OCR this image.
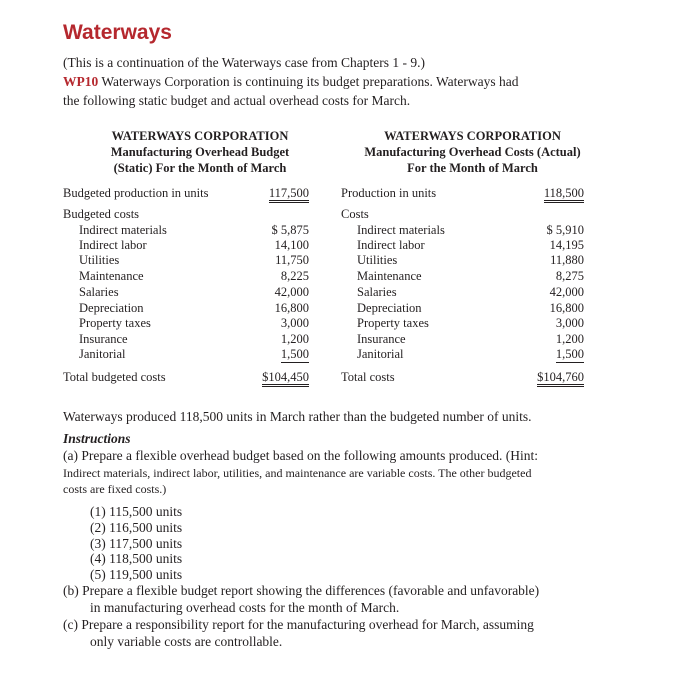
Waterways
(This is a continuation of the Waterways case from Chapters 1 - 9.)
WP10 Waterways Corporation is continuing its budget preparations. Waterways had
the following static budget and actual overhead costs for March.
WATERWAYS CORPORATION
Manufacturing Overhead Budget
(Static) For the Month of March
WATERWAYS CORPORATION
Manufacturing Overhead Costs (Actual)
For the Month of March
Budgeted production in units	117,500
Budgeted costs
Indirect materials	$ 5,875
Indirect labor	14,100
Utilities	11,750
Maintenance	8,225
Salaries	42,000
Depreciation	16,800
Property taxes	3,000
Insurance	1,200
Janitorial	1,500
Total budgeted costs	$104,450
Production in units	118,500
Costs
Indirect materials	$ 5,910
Indirect labor	14,195
Utilities	11,880
Maintenance	8,275
Salaries	42,000
Depreciation	16,800
Property taxes	3,000
Insurance	1,200
Janitorial	1,500
Total costs	$104,760
Waterways produced 118,500 units in March rather than the budgeted number of units.
Instructions
(a) Prepare a flexible overhead budget based on the following amounts produced. (Hint:
Indirect materials, indirect labor, utilities, and maintenance are variable costs. The other budgeted
costs are fixed costs.)
(1) 115,500 units
(2) 116,500 units
(3) 117,500 units
(4) 118,500 units
(5) 119,500 units
(b) Prepare a flexible budget report showing the differences (favorable and unfavorable)
in manufacturing overhead costs for the month of March.
(c) Prepare a responsibility report for the manufacturing overhead for March, assuming
only variable costs are controllable.
